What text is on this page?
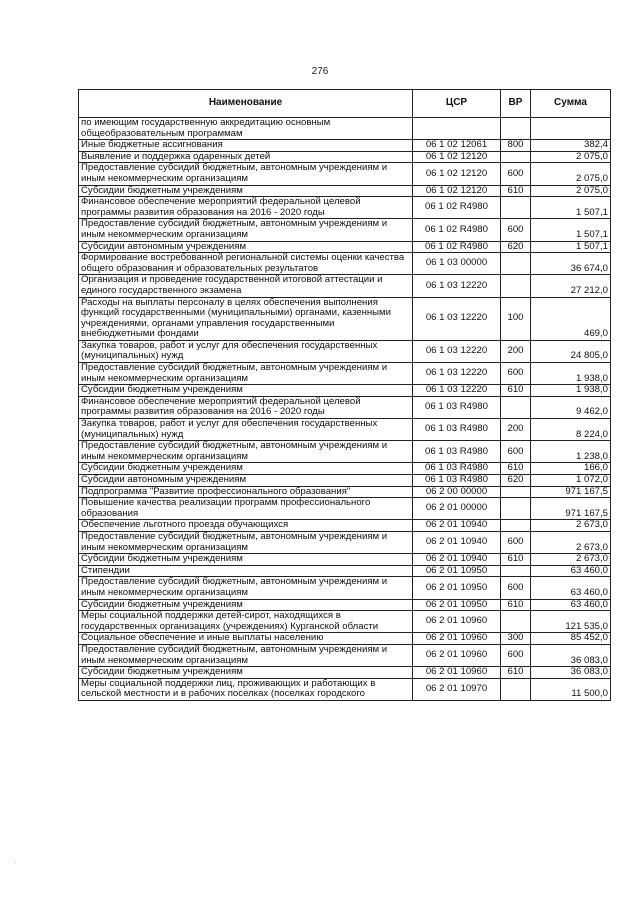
276
Наименование	ЦСР	ВР	Сумма
по имеющим государственную аккредитацию основным общеобразовательным программам			
Иные бюджетные ассигнования	06 1 02 12061	800	382,4
Выявление и поддержка одаренных детей	06 1 02 12120		2 075,0
Предоставление субсидий бюджетным, автономным учреждениям и иным некоммерческим организациям	06 1 02 12120	600	2 075,0
Субсидии бюджетным учреждениям	06 1 02 12120	610	2 075,0
Финансовое обеспечение мероприятий федеральной целевой программы развития образования на 2016 - 2020 годы	06 1 02 R4980		1 507,1
Предоставление субсидий бюджетным, автономным учреждениям и иным некоммерческим организациям	06 1 02 R4980	600	1 507,1
Субсидии автономным учреждениям	06 1 02 R4980	620	1 507,1
Формирование востребованной региональной системы оценки качества общего образования и образовательных результатов	06 1 03 00000		36 674,0
Организация и проведение государственной итоговой аттестации и единого государственного экзамена	06 1 03 12220		27 212,0
Расходы на выплаты персоналу в целях обеспечения выполнения функций государственными (муниципальными) органами, казенными учреждениями, органами управления государственными внебюджетными фондами	06 1 03 12220	100	469,0
Закупка товаров, работ и услуг для обеспечения государственных (муниципальных) нужд	06 1 03 12220	200	24 805,0
Предоставление субсидий бюджетным, автономным учреждениям и иным некоммерческим организациям	06 1 03 12220	600	1 938,0
Субсидии бюджетным учреждениям	06 1 03 12220	610	1 938,0
Финансовое обеспечение мероприятий федеральной целевой программы развития образования на 2016 - 2020 годы	06 1 03 R4980		9 462,0
Закупка товаров, работ и услуг для обеспечения государственных (муниципальных) нужд	06 1 03 R4980	200	8 224,0
Предоставление субсидий бюджетным, автономным учреждениям и иным некоммерческим организациям	06 1 03 R4980	600	1 238,0
Субсидии бюджетным учреждениям	06 1 03 R4980	610	166,0
Субсидии автономным учреждениям	06 1 03 R4980	620	1 072,0
Подпрограмма "Развитие профессионального образования"	06 2 00 00000		971 167,5
Повышение качества реализации программ профессионального образования	06 2 01 00000		971 167,5
Обеспечение льготного проезда обучающихся	06 2 01 10940		2 673,0
Предоставление субсидий бюджетным, автономным учреждениям и иным некоммерческим организациям	06 2 01 10940	600	2 673,0
Субсидии бюджетным учреждениям	06 2 01 10940	610	2 673,0
Стипендии	06 2 01 10950		63 460,0
Предоставление субсидий бюджетным, автономным учреждениям и иным некоммерческим организациям	06 2 01 10950	600	63 460,0
Субсидии бюджетным учреждениям	06 2 01 10950	610	63 460,0
Меры социальной поддержки детей-сирот, находящихся в государственных организациях (учреждениях) Курганской области	06 2 01 10960		121 535,0
Социальное обеспечение и иные выплаты населению	06 2 01 10960	300	85 452,0
Предоставление субсидий бюджетным, автономным учреждениям и иным некоммерческим организациям	06 2 01 10960	600	36 083,0
Субсидии бюджетным учреждениям	06 2 01 10960	610	36 083,0
Меры социальной поддержки лиц, проживающих и работающих в сельской местности и в рабочих поселках (поселках городского	06 2 01 10970		11 500,0
·
